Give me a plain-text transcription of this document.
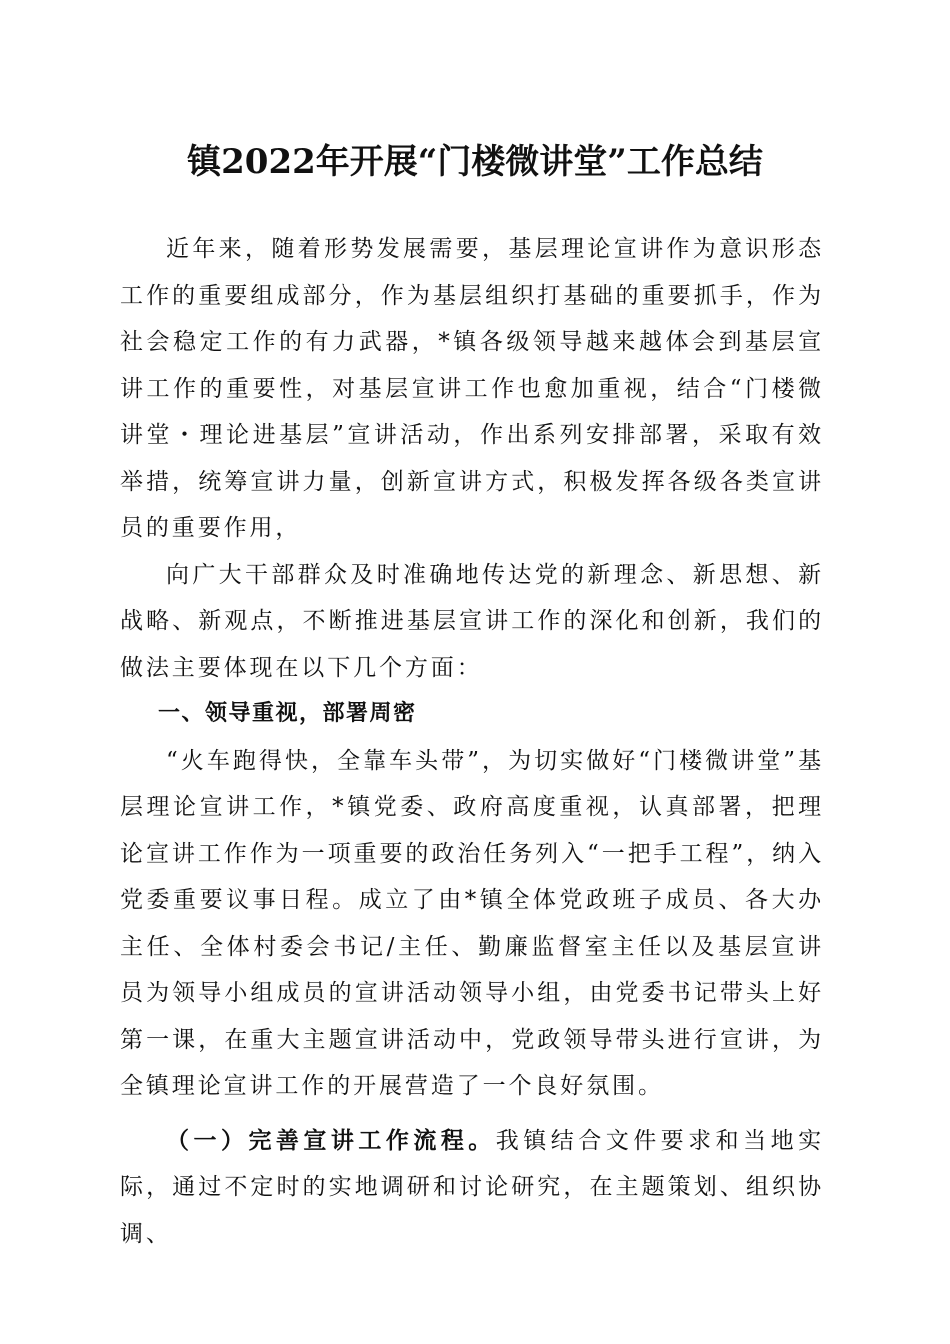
镇2022年开展“门楼微讲堂”工作总结

近年来，随着形势发展需要，基层理论宣讲作为意识形态工作的重要组成部分，作为基层组织打基础的重要抓手，作为社会稳定工作的有力武器，*镇各级领导越来越体会到基层宣讲工作的重要性，对基层宣讲工作也愈加重视，结合“门楼微讲堂・理论进基层”宣讲活动，作出系列安排部署，采取有效举措，统筹宣讲力量，创新宣讲方式，积极发挥各级各类宣讲员的重要作用，

向广大干部群众及时准确地传达党的新理念、新思想、新战略、新观点，不断推进基层宣讲工作的深化和创新，我们的做法主要体现在以下几个方面：

一、领导重视，部署周密

“火车跑得快，全靠车头带”，为切实做好“门楼微讲堂”基层理论宣讲工作，*镇党委、政府高度重视，认真部署，把理论宣讲工作作为一项重要的政治任务列入“一把手工程”，纳入党委重要议事日程。成立了由*镇全体党政班子成员、各大办主任、全体村委会书记/主任、勤廉监督室主任以及基层宣讲员为领导小组成员的宣讲活动领导小组，由党委书记带头上好第一课，在重大主题宣讲活动中，党政领导带头进行宣讲，为全镇理论宣讲工作的开展营造了一个良好氛围。

（一）完善宣讲工作流程。我镇结合文件要求和当地实际，通过不定时的实地调研和讨论研究，在主题策划、组织协调、
